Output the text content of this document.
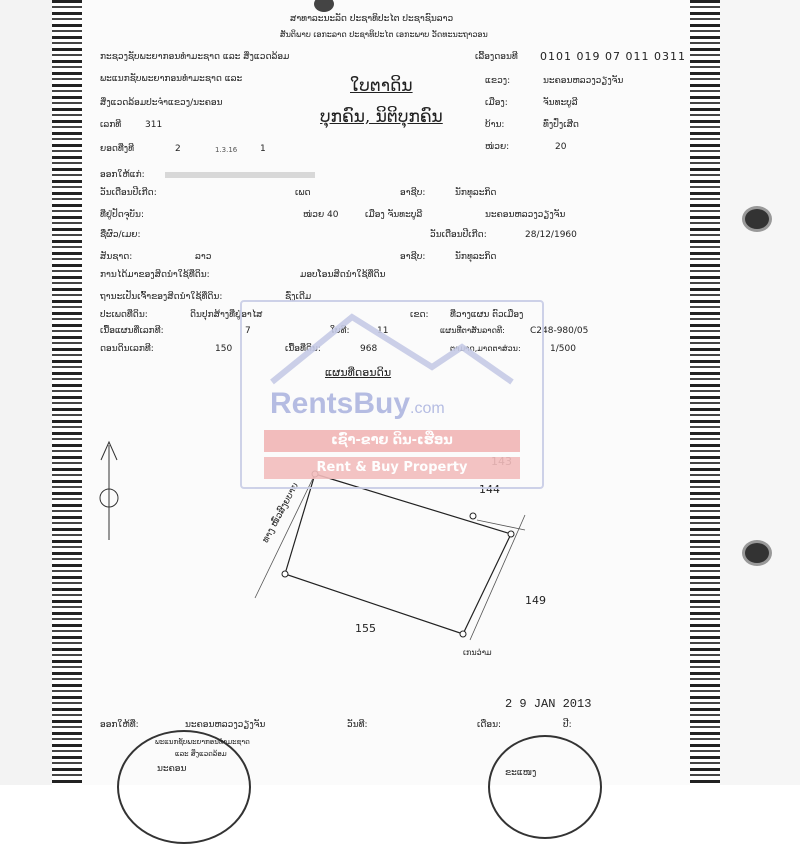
ສາທາລະນະລັດ ປະຊາທິປະໄຕ ປະຊາຊົນລາວ
ສັນຕິພາບ ເອກະລາດ ປະຊາທິປະໄຕ ເອກະພາບ ວັດທະນະຖາວອນ
ກະຊວງຊັບພະຍາກອນທຳມະຊາດ ແລະ ສິ່ງແວດລ້ອມ	ເລີ້ອງດອນທີ 0101 019 07 011 0311
ໃບຕາດິນ
ບຸກຄົນ, ນິຕິບຸກຄົນ
ພະແນກຊັບພະຍາກອນທຳມະຊາດ ແລະ
ສິ່ງແວດລ້ອມປະຈຳແຂວງ/ນະຄອນ
ເລກທີ	311
ຍອດທີ່ງທີ	2	1.3.16	1
ແຂວງ:	ນະຄອນຫລວງວຽງຈັນ
ເມືອງ:	ຈັນທະບູລີ
ບ້ານ:	ທົ່ງປົ່ງເສີດ
ໜ່ວຍ:	20
ອອກໃຫ້ແກ່:
ວັນເດືອນປີເກີດ:	ເພດ	ອາຊີບ:	ນັກທຸລະກິດ
ທີ່ຢູ່ປັດຈຸບັນ:	ໜ່ວຍ 40	ເມືອງ ຈັນທະບູລີ	ນະຄອນຫລວງວຽງຈັນ
ຊື່ຜົວ/ເມຍ:	ວັນເດືອນປີເກີດ:	28/12/1960
ສັນຊາດ:	ລາວ	ອາຊີບ:	ນັກທຸລະກິດ
ການໄດ້ມາຂອງສິດນຳໃຊ້ທີ່ດິນ:	ມອບໂອນສິດນຳໃຊ້ທີ່ດິນ
ຖານະເປັນເຈົ້າຂອງສິດນຳໃຊ້ທີ່ດິນ:	ຊົ່ງເດີມ
ປະເພດທີ່ດິນ:	ດິນປຸກສ້າງທີ່ຢູ່ອາໄສ	ເຂດ: ທີ່ວາງແຜນ ຕົວເມືອງ
ເນື້ອແຜນທີ່ເລກທີ:	7	ໃບທີ:	11	ແຜນທີ່ຕາສັນລາດທີ:	C248-980/05
ດອນດິນເລກທີ:	150	ເນື້ອທີ່ດິນ:	968	ຕາມາດ,ມາດຕາສ່ວນ:	1/500
ແຜນທີ່ດອນດິນ
ທາງ ໜົ່ວສົງຍບາຍ	144
149
155
ເກນວ່າມ
2 9 JAN 2013
ອອກໃຫ້ທີ່:	ນະຄອນຫລວງວຽງຈັນ	ວັນທີ:	ເດືອນ:	ປີ:
ພະແນກຊັບພະຍາກອນທຳມະຊາດ
ແລະ ສິ່ງແວດລ້ອມ
ນະຄອນ	ຂະແໜງ
RentsBuy.com
ເຊົ່າ-ຂາຍ ດິນ-ເຮືອນ
Rent & Buy Property
